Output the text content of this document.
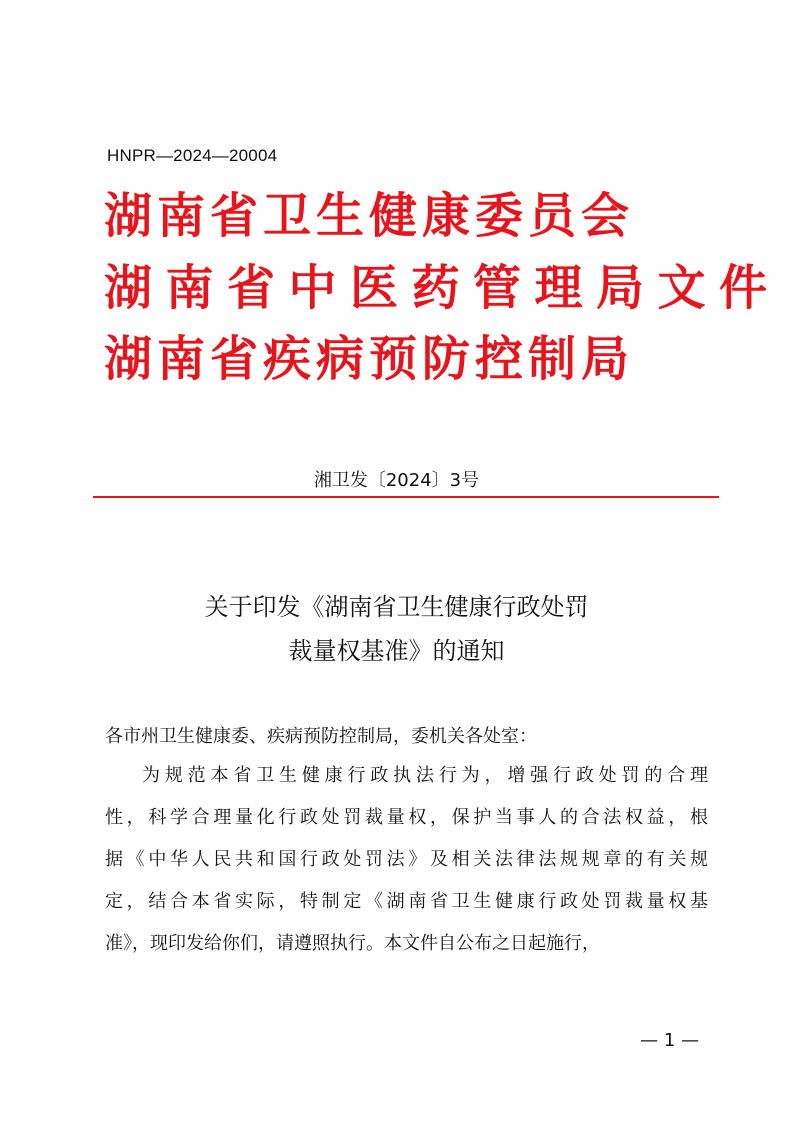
HNPR—2024—20004
湖南省卫生健康委员会
湖南省中医药管理局文件
湖南省疾病预防控制局
湘卫发〔2024〕3号
关于印发《湖南省卫生健康行政处罚
裁量权基准》的通知
各市州卫生健康委、疾病预防控制局，委机关各处室：
为规范本省卫生健康行政执法行为，增强行政处罚的合理
性，科学合理量化行政处罚裁量权，保护当事人的合法权益，根
据《中华人民共和国行政处罚法》及相关法律法规规章的有关规
定，结合本省实际，特制定《湖南省卫生健康行政处罚裁量权基
准》，现印发给你们，请遵照执行。本文件自公布之日起施行，
— 1 —
